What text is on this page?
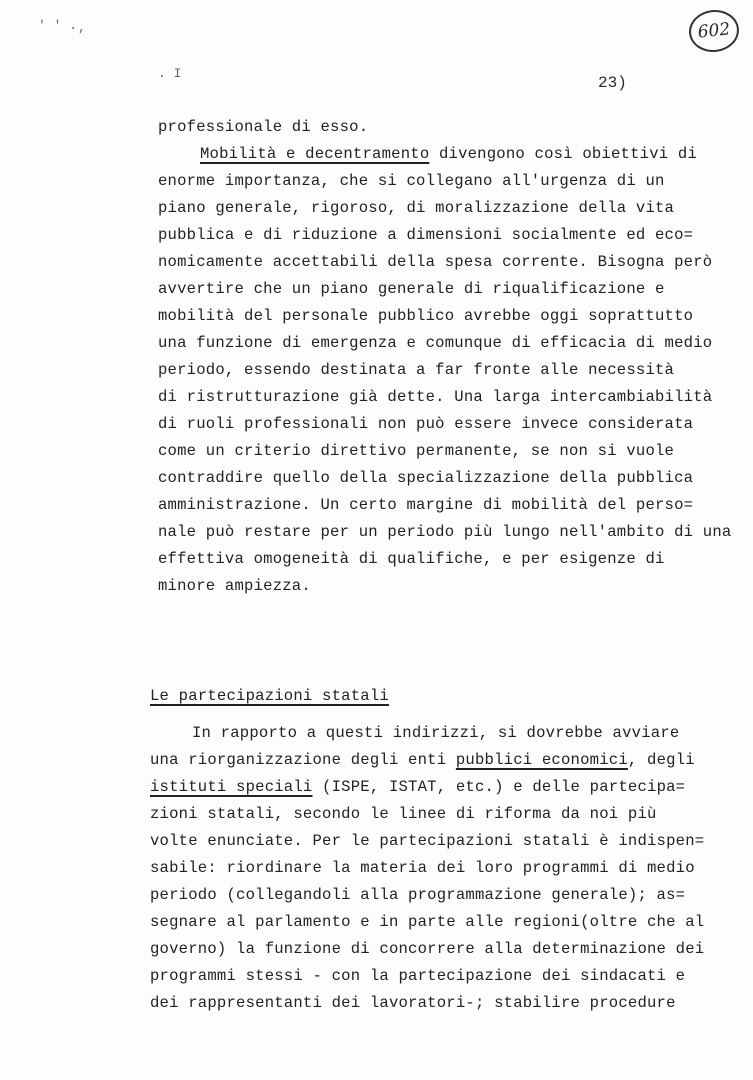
' ' . ,
. I
602
23)
professionale di esso.
Mobilità e decentramento divengono così obiettivi di
enorme importanza, che si collegano all'urgenza di un
piano generale, rigoroso, di moralizzazione della vita
pubblica e di riduzione a dimensioni socialmente ed eco=
nomicamente accettabili della spesa corrente. Bisogna però
avvertire che un piano generale di riqualificazione e
mobilità del personale pubblico avrebbe oggi soprattutto
una funzione di emergenza e comunque di efficacia di medio
periodo, essendo destinata a far fronte alle necessità
di ristrutturazione già dette. Una larga intercambiabilità
di ruoli professionali non può essere invece considerata
come un criterio direttivo permanente, se non si vuole
contraddire quello della specializzazione della pubblica
amministrazione. Un certo margine di mobilità del perso=
nale può restare per un periodo più lungo nell'ambito di una
effettiva omogeneità di qualifiche, e per esigenze di
minore ampiezza.
Le partecipazioni statali
In rapporto a questi indirizzi, si dovrebbe avviare
una riorganizzazione degli enti pubblici economici, degli
istituti speciali (ISPE, ISTAT, etc.) e delle partecipa=
zioni statali, secondo le linee di riforma da noi più
volte enunciate. Per le partecipazioni statali è indispen=
sabile: riordinare la materia dei loro programmi di medio
periodo (collegandoli alla programmazione generale); as=
segnare al parlamento e in parte alle regioni(oltre che al
governo) la funzione di concorrere alla determinazione dei
programmi stessi - con la partecipazione dei sindacati e
dei rappresentanti dei lavoratori-; stabilire procedure
